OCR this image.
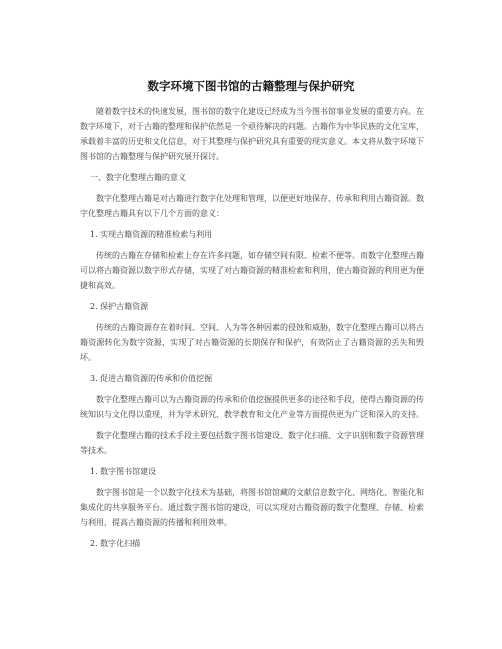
数字环境下图书馆的古籍整理与保护研究

随着数字技术的快速发展，图书馆的数字化建设已经成为当今图书馆事业发展的重要方向。在数字环境下，对于古籍的整理和保护依然是一个亟待解决的问题。古籍作为中华民族的文化宝库，承载着丰富的历史和文化信息，对于其整理与保护研究具有重要的现实意义。本文将从数字环境下图书馆的古籍整理与保护研究展开探讨。

一、数字化整理古籍的意义

数字化整理古籍是对古籍进行数字化处理和管理，以便更好地保存、传承和利用古籍资源。数字化整理古籍具有以下几个方面的意义：

1. 实现古籍资源的精准检索与利用

传统的古籍在存储和检索上存在许多问题，如存储空间有限、检索不便等。而数字化整理古籍可以将古籍资源以数字形式存储，实现了对古籍资源的精准检索和利用，使古籍资源的利用更为便捷和高效。

2. 保护古籍资源

传统的古籍资源存在着时间、空间、人为等各种因素的侵蚀和威胁，数字化整理古籍可以将古籍资源转化为数字资源，实现了对古籍资源的长期保存和保护，有效防止了古籍资源的丢失和毁坏。

3. 促进古籍资源的传承和价值挖掘

数字化整理古籍可以为古籍资源的传承和价值挖掘提供更多的途径和手段，使得古籍资源的传统知识与文化得以重现，并为学术研究、教学教育和文化产业等方面提供更为广泛和深入的支持。

数字化整理古籍的技术手段主要包括数字图书馆建设、数字化扫描、文字识别和数字资源管理等技术。

1. 数字图书馆建设

数字图书馆是一个以数字化技术为基础，将图书馆馆藏的文献信息数字化、网络化、智能化和集成化的共享服务平台。通过数字图书馆的建设，可以实现对古籍资源的数字化整理、存储、检索与利用，提高古籍资源的传播和利用效率。

2. 数字化扫描
